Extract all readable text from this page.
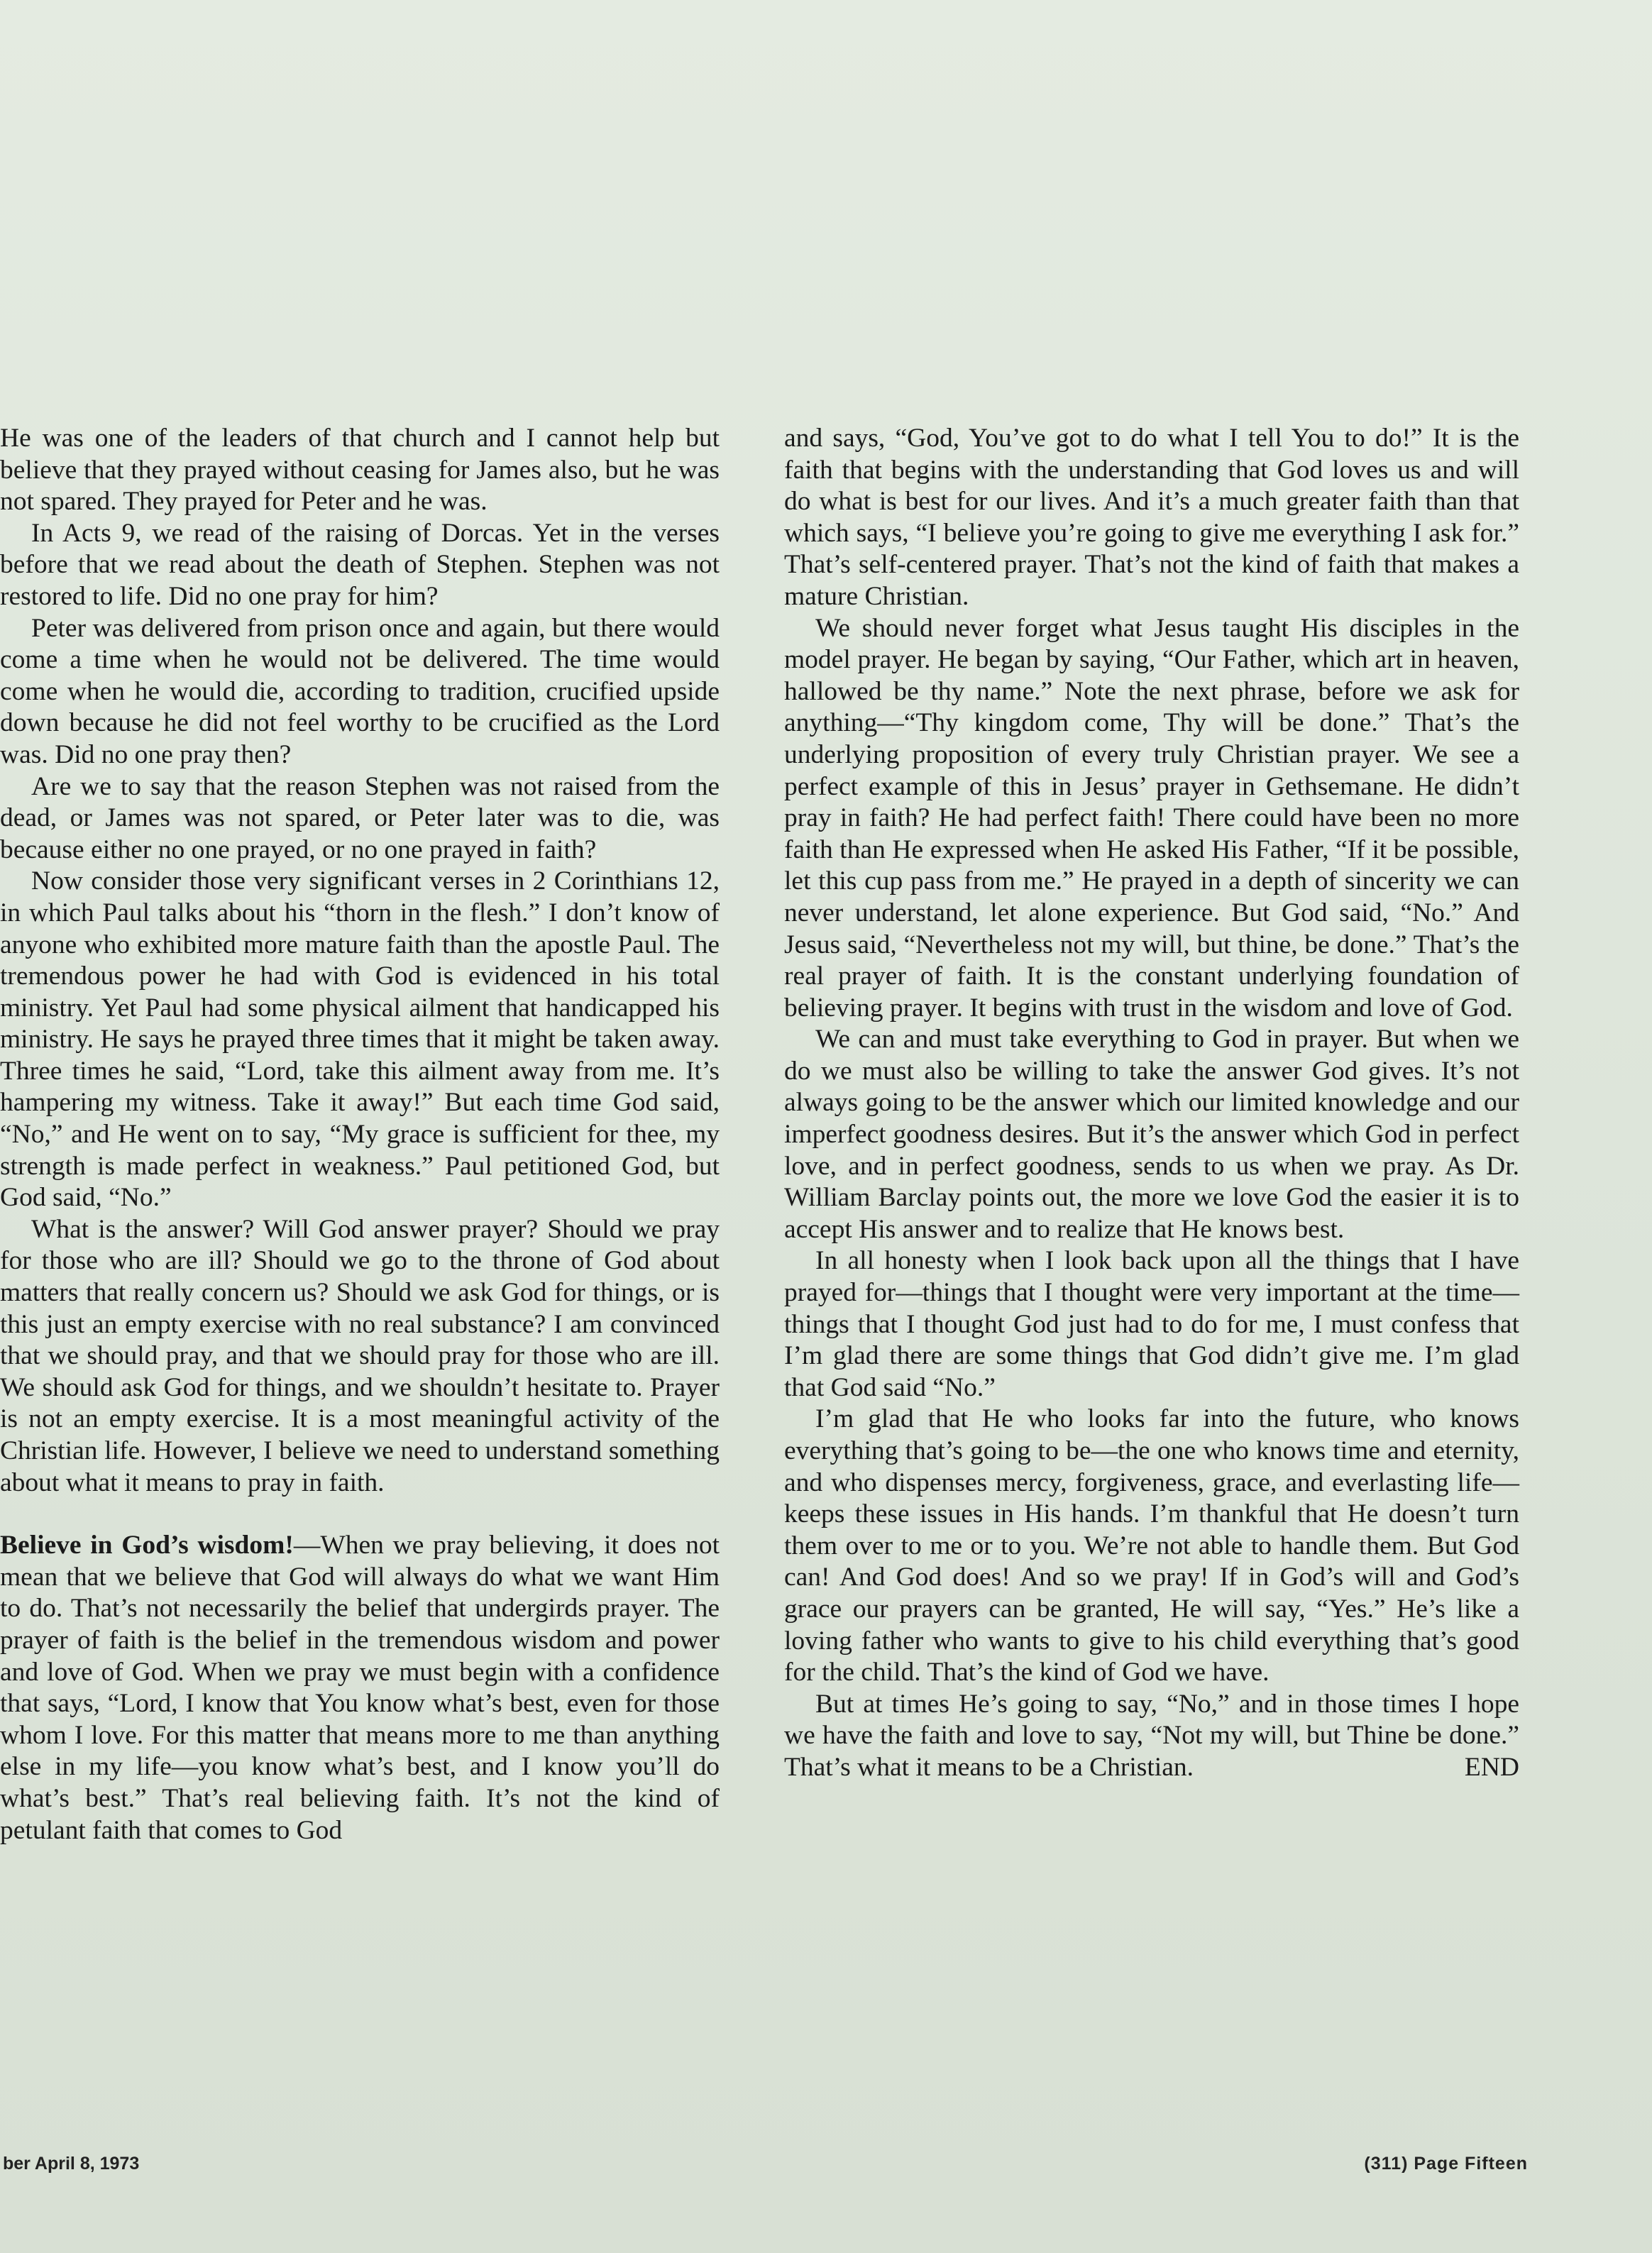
He was one of the leaders of that church and I cannot help but believe that they prayed without ceasing for James also, but he was not spared. They prayed for Peter and he was.

In Acts 9, we read of the raising of Dorcas. Yet in the verses before that we read about the death of Stephen. Stephen was not restored to life. Did no one pray for him?

Peter was delivered from prison once and again, but there would come a time when he would not be delivered. The time would come when he would die, according to tradition, crucified upside down because he did not feel worthy to be crucified as the Lord was. Did no one pray then?

Are we to say that the reason Stephen was not raised from the dead, or James was not spared, or Peter later was to die, was because either no one prayed, or no one prayed in faith?

Now consider those very significant verses in 2 Corinthians 12, in which Paul talks about his “thorn in the flesh.” I don’t know of anyone who exhibited more mature faith than the apostle Paul. The tremendous power he had with God is evidenced in his total ministry. Yet Paul had some physical ailment that handicapped his ministry. He says he prayed three times that it might be taken away. Three times he said, “Lord, take this ailment away from me. It’s hampering my witness. Take it away!” But each time God said, “No,” and He went on to say, “My grace is sufficient for thee, my strength is made perfect in weakness.” Paul petitioned God, but God said, “No.”

What is the answer? Will God answer prayer? Should we pray for those who are ill? Should we go to the throne of God about matters that really concern us? Should we ask God for things, or is this just an empty exercise with no real substance? I am convinced that we should pray, and that we should pray for those who are ill. We should ask God for things, and we shouldn’t hesitate to. Prayer is not an empty exercise. It is a most meaningful activity of the Christian life. However, I believe we need to understand something about what it means to pray in faith.

Believe in God’s wisdom!—When we pray believing, it does not mean that we believe that God will always do what we want Him to do. That’s not necessarily the belief that undergirds prayer. The prayer of faith is the belief in the tremendous wisdom and power and love of God. When we pray we must begin with a confidence that says, “Lord, I know that You know what’s best, even for those whom I love. For this matter that means more to me than anything else in my life—you know what’s best, and I know you’ll do what’s best.” That’s real believing faith. It’s not the kind of petulant faith that comes to God

and says, “God, You’ve got to do what I tell You to do!” It is the faith that begins with the understanding that God loves us and will do what is best for our lives. And it’s a much greater faith than that which says, “I believe you’re going to give me everything I ask for.” That’s self-centered prayer. That’s not the kind of faith that makes a mature Christian.

We should never forget what Jesus taught His disciples in the model prayer. He began by saying, “Our Father, which art in heaven, hallowed be thy name.” Note the next phrase, before we ask for anything—“Thy kingdom come, Thy will be done.” That’s the underlying proposition of every truly Christian prayer. We see a perfect example of this in Jesus’ prayer in Gethsemane. He didn’t pray in faith? He had perfect faith! There could have been no more faith than He expressed when He asked His Father, “If it be possible, let this cup pass from me.” He prayed in a depth of sincerity we can never understand, let alone experience. But God said, “No.” And Jesus said, “Nevertheless not my will, but thine, be done.” That’s the real prayer of faith. It is the constant underlying foundation of believing prayer. It begins with trust in the wisdom and love of God.

We can and must take everything to God in prayer. But when we do we must also be willing to take the answer God gives. It’s not always going to be the answer which our limited knowledge and our imperfect goodness desires. But it’s the answer which God in perfect love, and in perfect goodness, sends to us when we pray. As Dr. William Barclay points out, the more we love God the easier it is to accept His answer and to realize that He knows best.

In all honesty when I look back upon all the things that I have prayed for—things that I thought were very important at the time—things that I thought God just had to do for me, I must confess that I’m glad there are some things that God didn’t give me. I’m glad that God said “No.”

I’m glad that He who looks far into the future, who knows everything that’s going to be—the one who knows time and eternity, and who dispenses mercy, forgiveness, grace, and everlasting life—keeps these issues in His hands. I’m thankful that He doesn’t turn them over to me or to you. We’re not able to handle them. But God can! And God does! And so we pray! If in God’s will and God’s grace our prayers can be granted, He will say, “Yes.” He’s like a loving father who wants to give to his child everything that’s good for the child. That’s the kind of God we have.

But at times He’s going to say, “No,” and in those times I hope we have the faith and love to say, “Not my will, but Thine be done.” That’s what it means to be a Christian.	END
ber April 8, 1973	(311) Page Fifteen
